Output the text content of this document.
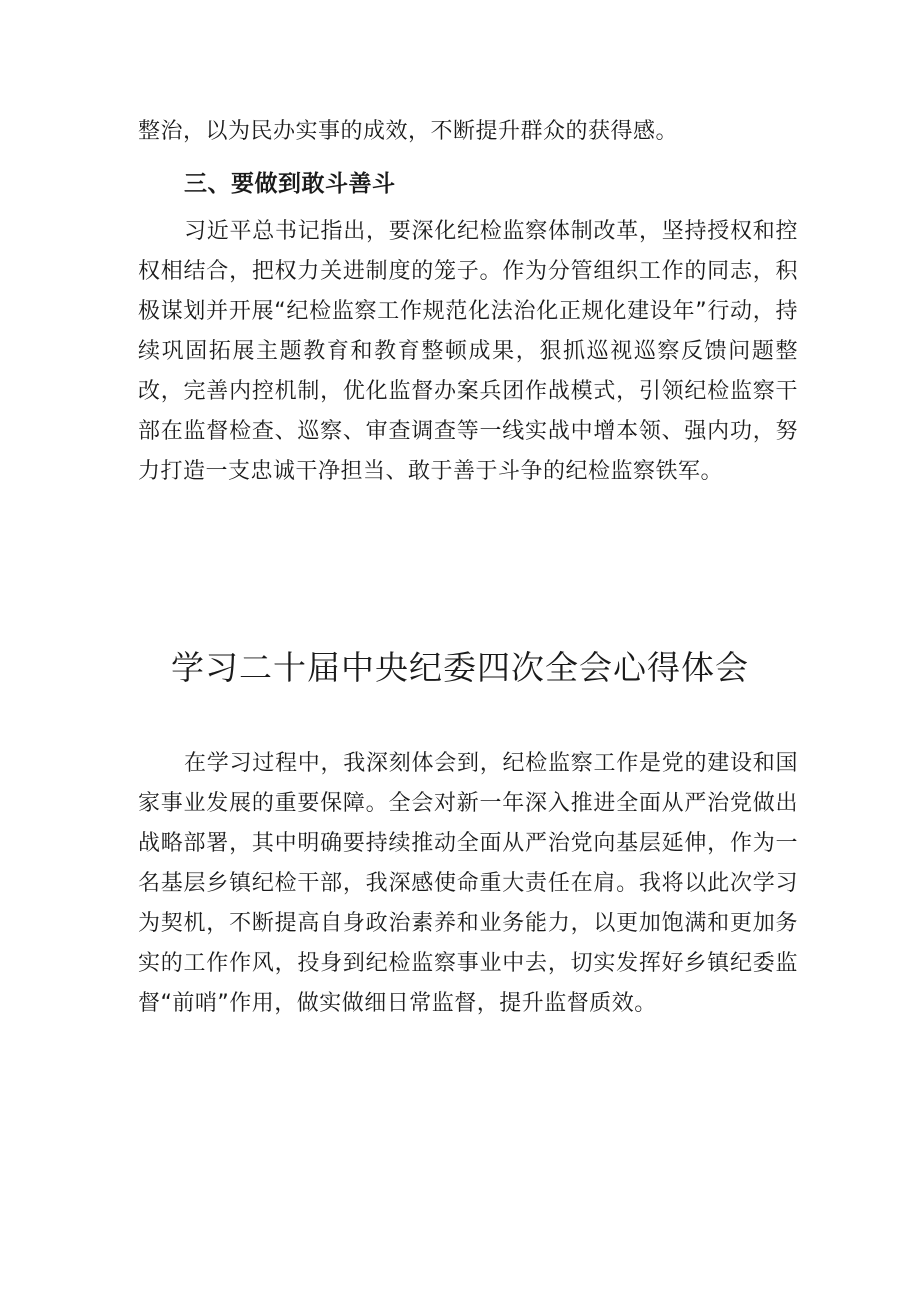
整治，以为民办实事的成效，不断提升群众的获得感。

三、要做到敢斗善斗

习近平总书记指出，要深化纪检监察体制改革，坚持授权和控权相结合，把权力关进制度的笼子。作为分管组织工作的同志，积极谋划并开展“纪检监察工作规范化法治化正规化建设年”行动，持续巩固拓展主题教育和教育整顿成果，狠抓巡视巡察反馈问题整改，完善内控机制，优化监督办案兵团作战模式，引领纪检监察干部在监督检查、巡察、审查调查等一线实战中增本领、强内功，努力打造一支忠诚干净担当、敢于善于斗争的纪检监察铁军。

学习二十届中央纪委四次全会心得体会

在学习过程中，我深刻体会到，纪检监察工作是党的建设和国家事业发展的重要保障。全会对新一年深入推进全面从严治党做出战略部署，其中明确要持续推动全面从严治党向基层延伸，作为一名基层乡镇纪检干部，我深感使命重大责任在肩。我将以此次学习为契机，不断提高自身政治素养和业务能力，以更加饱满和更加务实的工作作风，投身到纪检监察事业中去，切实发挥好乡镇纪委监督“前哨”作用，做实做细日常监督，提升监督质效。
